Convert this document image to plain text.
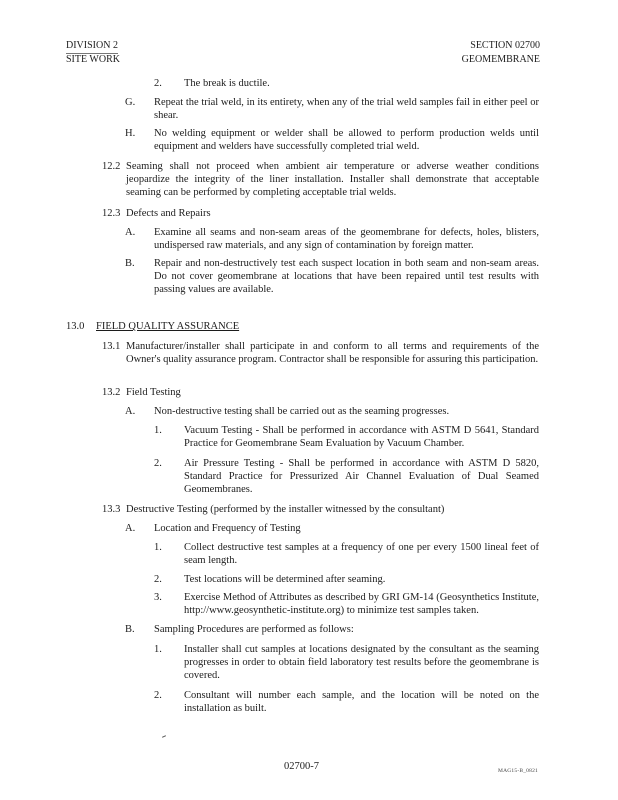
DIVISION 2	SECTION 02700
SITE WORK	GEOMEMBRANE
2. The break is ductile.
G. Repeat the trial weld, in its entirety, when any of the trial weld samples fail in either peel or shear.
H. No welding equipment or welder shall be allowed to perform production welds until equipment and welders have successfully completed trial weld.
12.2 Seaming shall not proceed when ambient air temperature or adverse weather conditions jeopardize the integrity of the liner installation. Installer shall demonstrate that acceptable seaming can be performed by completing acceptable trial welds.
12.3 Defects and Repairs
A. Examine all seams and non-seam areas of the geomembrane for defects, holes, blisters, undispersed raw materials, and any sign of contamination by foreign matter.
B. Repair and non-destructively test each suspect location in both seam and non-seam areas. Do not cover geomembrane at locations that have been repaired until test results with passing values are available.
13.0 FIELD QUALITY ASSURANCE
13.1 Manufacturer/installer shall participate in and conform to all terms and requirements of the Owner's quality assurance program. Contractor shall be responsible for assuring this participation.
13.2 Field Testing
A. Non-destructive testing shall be carried out as the seaming progresses.
1. Vacuum Testing - Shall be performed in accordance with ASTM D 5641, Standard Practice for Geomembrane Seam Evaluation by Vacuum Chamber.
2. Air Pressure Testing - Shall be performed in accordance with ASTM D 5820, Standard Practice for Pressurized Air Channel Evaluation of Dual Seamed Geomembranes.
13.3 Destructive Testing (performed by the installer witnessed by the consultant)
A. Location and Frequency of Testing
1. Collect destructive test samples at a frequency of one per every 1500 lineal feet of seam length.
2. Test locations will be determined after seaming.
3. Exercise Method of Attributes as described by GRI GM-14 (Geosynthetics Institute, http://www.geosynthetic-institute.org) to minimize test samples taken.
B. Sampling Procedures are performed as follows:
1. Installer shall cut samples at locations designated by the consultant as the seaming progresses in order to obtain field laboratory test results before the geomembrane is covered.
2. Consultant will number each sample, and the location will be noted on the installation as built.
02700-7	MAG15-B_0821
